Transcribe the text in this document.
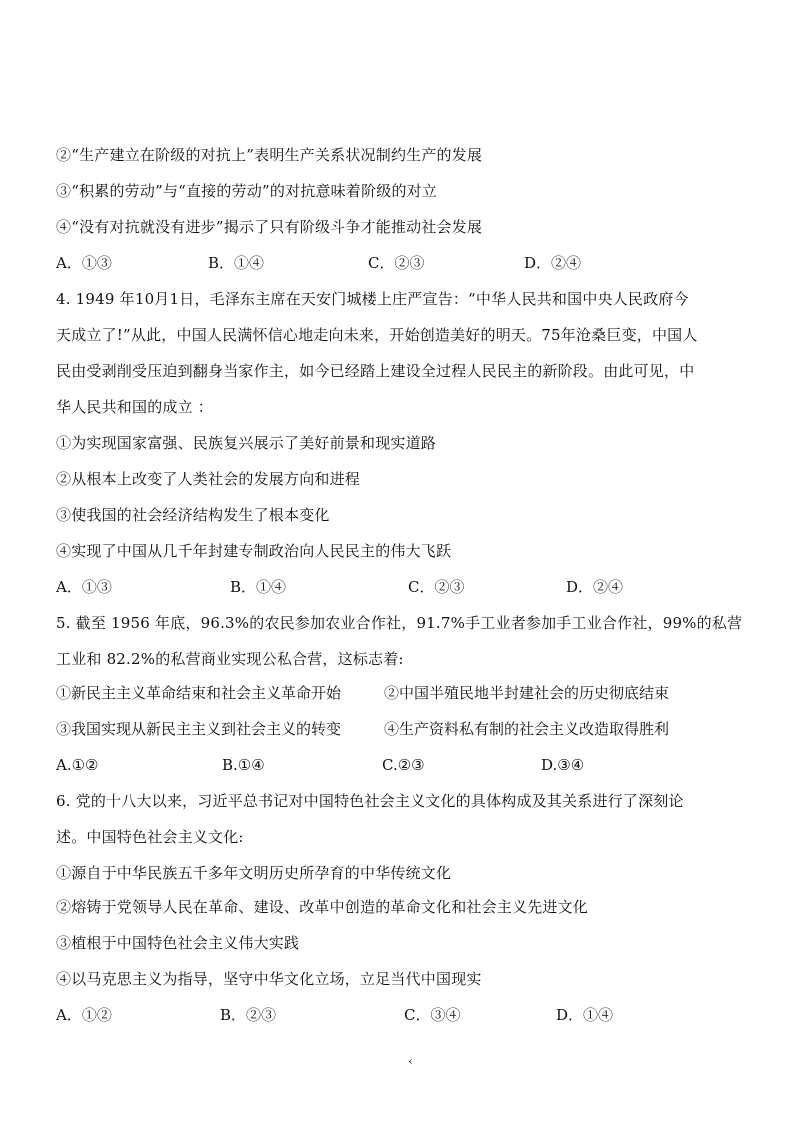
②“生产建立在阶级的对抗上”表明生产关系状况制约生产的发展
③“积累的劳动”与“直接的劳动”的对抗意味着阶级的对立
④“没有对抗就没有进步”揭示了只有阶级斗争才能推动社会发展
A．①③	B．①④	C．②③	D．②④
4. 1949 年10月1日，毛泽东主席在天安门城楼上庄严宣告：“中华人民共和国中央人民政府今
天成立了!”从此，中国人民满怀信心地走向未来，开始创造美好的明天。75年沧桑巨变，中国人
民由受剥削受压迫到翻身当家作主，如今已经踏上建设全过程人民民主的新阶段。由此可见，中
华人民共和国的成立 ：
①为实现国家富强、民族复兴展示了美好前景和现实道路
②从根本上改变了人类社会的发展方向和进程
③使我国的社会经济结构发生了根本变化
④实现了中国从几千年封建专制政治向人民民主的伟大飞跃
A．①③	B．①④	C．②③	D．②④
5. 截至 1956 年底，96.3%的农民参加农业合作社，91.7%手工业者参加手工业合作社，99%的私营
工业和 82.2%的私营商业实现公私合营，这标志着:
①新民主主义革命结束和社会主义革命开始	②中国半殖民地半封建社会的历史彻底结束
③我国实现从新民主主义到社会主义的转变	④生产资料私有制的社会主义改造取得胜利
A.①②	B.①④	C.②③	D.③④
6. 党的十八大以来，习近平总书记对中国特色社会主义文化的具体构成及其关系进行了深刻论
述。中国特色社会主义文化:
①源自于中华民族五千多年文明历史所孕育的中华传统文化
②熔铸于党领导人民在革命、建设、改革中创造的革命文化和社会主义先进文化
③植根于中国特色社会主义伟大实践
④以马克思主义为指导，坚守中华文化立场，立足当代中国现实
A．①②	B．②③	C．③④	D．①④
‹
